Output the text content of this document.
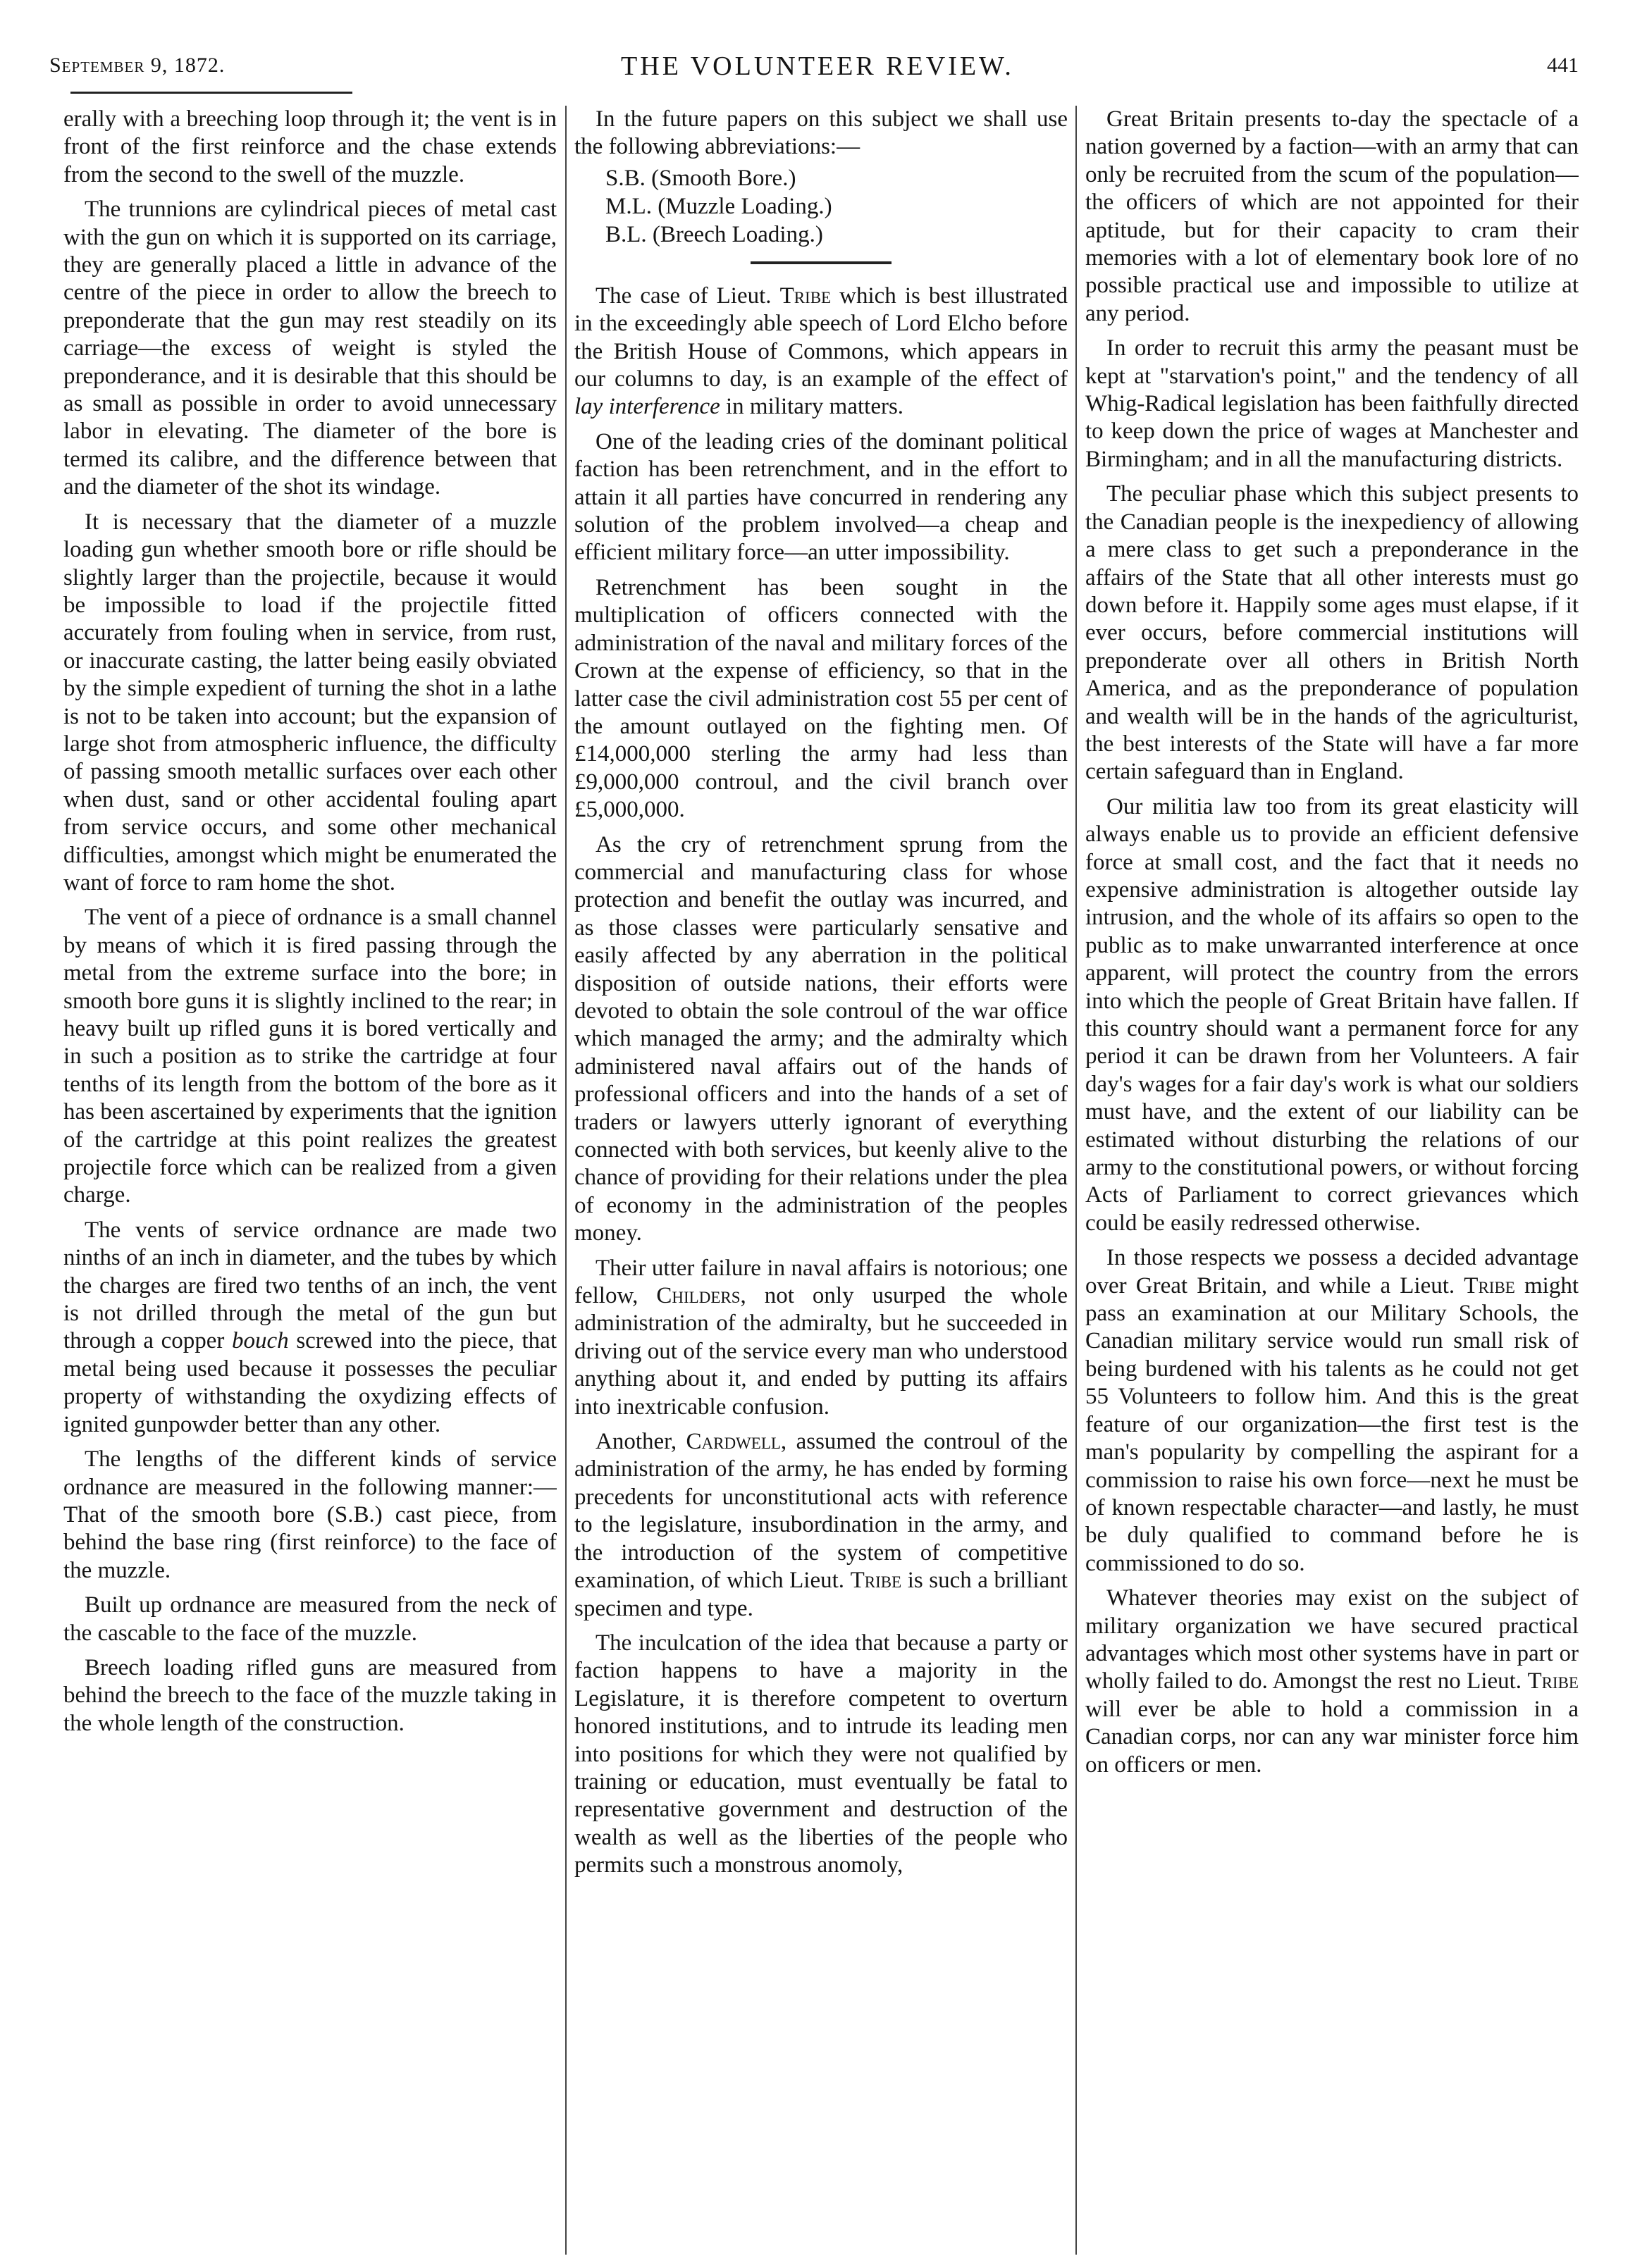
September 9, 1872.	THE VOLUNTEER REVIEW.	441

erally with a breeching loop through it; the vent is in front of the first reinforce and the chase extends from the second to the swell of the muzzle.

The trunnions are cylindrical pieces of metal cast with the gun on which it is supported on its carriage, they are generally placed a little in advance of the centre of the piece in order to allow the breech to preponderate that the gun may rest steadily on its carriage—the excess of weight is styled the preponderance, and it is desirable that this should be as small as possible in order to avoid unnecessary labor in elevating. The diameter of the bore is termed its calibre, and the difference between that and the diameter of the shot its windage.

It is necessary that the diameter of a muzzle loading gun whether smooth bore or rifle should be slightly larger than the projectile, because it would be impossible to load if the projectile fitted accurately from fouling when in service, from rust, or inaccurate casting, the latter being easily obviated by the simple expedient of turning the shot in a lathe is not to be taken into account; but the expansion of large shot from atmospheric influence, the difficulty of passing smooth metallic surfaces over each other when dust, sand or other accidental fouling apart from service occurs, and some other mechanical difficulties, amongst which might be enumerated the want of force to ram home the shot.

The vent of a piece of ordnance is a small channel by means of which it is fired passing through the metal from the extreme surface into the bore; in smooth bore guns it is slightly inclined to the rear; in heavy built up rifled guns it is bored vertically and in such a position as to strike the cartridge at four tenths of its length from the bottom of the bore as it has been ascertained by experiments that the ignition of the cartridge at this point realizes the greatest projectile force which can be realized from a given charge.

The vents of service ordnance are made two ninths of an inch in diameter, and the tubes by which the charges are fired two tenths of an inch, the vent is not drilled through the metal of the gun but through a copper bouch screwed into the piece, that metal being used because it possesses the peculiar property of withstanding the oxydizing effects of ignited gunpowder better than any other.

The lengths of the different kinds of service ordnance are measured in the following manner:—That of the smooth bore (S.B.) cast piece, from behind the base ring (first reinforce) to the face of the muzzle.

Built up ordnance are measured from the neck of the cascable to the face of the muzzle.

Breech loading rifled guns are measured from behind the breech to the face of the muzzle taking in the whole length of the construction.

In the future papers on this subject we shall use the following abbreviations:—

S.B. (Smooth Bore.)
M.L. (Muzzle Loading.)
B.L. (Breech Loading.)

The case of Lieut. Tribe which is best illustrated in the exceedingly able speech of Lord Elcho before the British House of Commons, which appears in our columns to day, is an example of the effect of lay interference in military matters.

One of the leading cries of the dominant political faction has been retrenchment, and in the effort to attain it all parties have concurred in rendering any solution of the problem involved—a cheap and efficient military force—an utter impossibility.

Retrenchment has been sought in the multiplication of officers connected with the administration of the naval and military forces of the Crown at the expense of efficiency, so that in the latter case the civil administration cost 55 per cent of the amount outlayed on the fighting men. Of £14,000,000 sterling the army had less than £9,000,000 controul, and the civil branch over £5,000,000.

As the cry of retrenchment sprung from the commercial and manufacturing class for whose protection and benefit the outlay was incurred, and as those classes were particularly sensative and easily affected by any aberration in the political disposition of outside nations, their efforts were devoted to obtain the sole controul of the war office which managed the army; and the admiralty which administered naval affairs out of the hands of professional officers and into the hands of a set of traders or lawyers utterly ignorant of everything connected with both services, but keenly alive to the chance of providing for their relations under the plea of economy in the administration of the peoples money.

Their utter failure in naval affairs is notorious; one fellow, Childers, not only usurped the whole administration of the admiralty, but he succeeded in driving out of the service every man who understood anything about it, and ended by putting its affairs into inextricable confusion.

Another, Cardwell, assumed the controul of the administration of the army, he has ended by forming precedents for unconstitutional acts with reference to the legislature, insubordination in the army, and the introduction of the system of competitive examination, of which Lieut. Tribe is such a brilliant specimen and type.

The inculcation of the idea that because a party or faction happens to have a majority in the Legislature, it is therefore competent to overturn honored institutions, and to intrude its leading men into positions for which they were not qualified by training or education, must eventually be fatal to representative government and destruction of the wealth as well as the liberties of the people who permits such a monstrous anomoly,

Great Britain presents to-day the spectacle of a nation governed by a faction—with an army that can only be recruited from the scum of the population—the officers of which are not appointed for their aptitude, but for their capacity to cram their memories with a lot of elementary book lore of no possible practical use and impossible to utilize at any period.

In order to recruit this army the peasant must be kept at "starvation's point," and the tendency of all Whig-Radical legislation has been faithfully directed to keep down the price of wages at Manchester and Birmingham; and in all the manufacturing districts.

The peculiar phase which this subject presents to the Canadian people is the inexpediency of allowing a mere class to get such a preponderance in the affairs of the State that all other interests must go down before it. Happily some ages must elapse, if it ever occurs, before commercial institutions will preponderate over all others in British North America, and as the preponderance of population and wealth will be in the hands of the agriculturist, the best interests of the State will have a far more certain safeguard than in England.

Our militia law too from its great elasticity will always enable us to provide an efficient defensive force at small cost, and the fact that it needs no expensive administration is altogether outside lay intrusion, and the whole of its affairs so open to the public as to make unwarranted interference at once apparent, will protect the country from the errors into which the people of Great Britain have fallen. If this country should want a permanent force for any period it can be drawn from her Volunteers. A fair day's wages for a fair day's work is what our soldiers must have, and the extent of our liability can be estimated without disturbing the relations of our army to the constitutional powers, or without forcing Acts of Parliament to correct grievances which could be easily redressed otherwise.

In those respects we possess a decided advantage over Great Britain, and while a Lieut. Tribe might pass an examination at our Military Schools, the Canadian military service would run small risk of being burdened with his talents as he could not get 55 Volunteers to follow him. And this is the great feature of our organization—the first test is the man's popularity by compelling the aspirant for a commission to raise his own force—next he must be of known respectable character—and lastly, he must be duly qualified to command before he is commissioned to do so.

Whatever theories may exist on the subject of military organization we have secured practical advantages which most other systems have in part or wholly failed to do. Amongst the rest no Lieut. Tribe will ever be able to hold a commission in a Canadian corps, nor can any war minister force him on officers or men.
